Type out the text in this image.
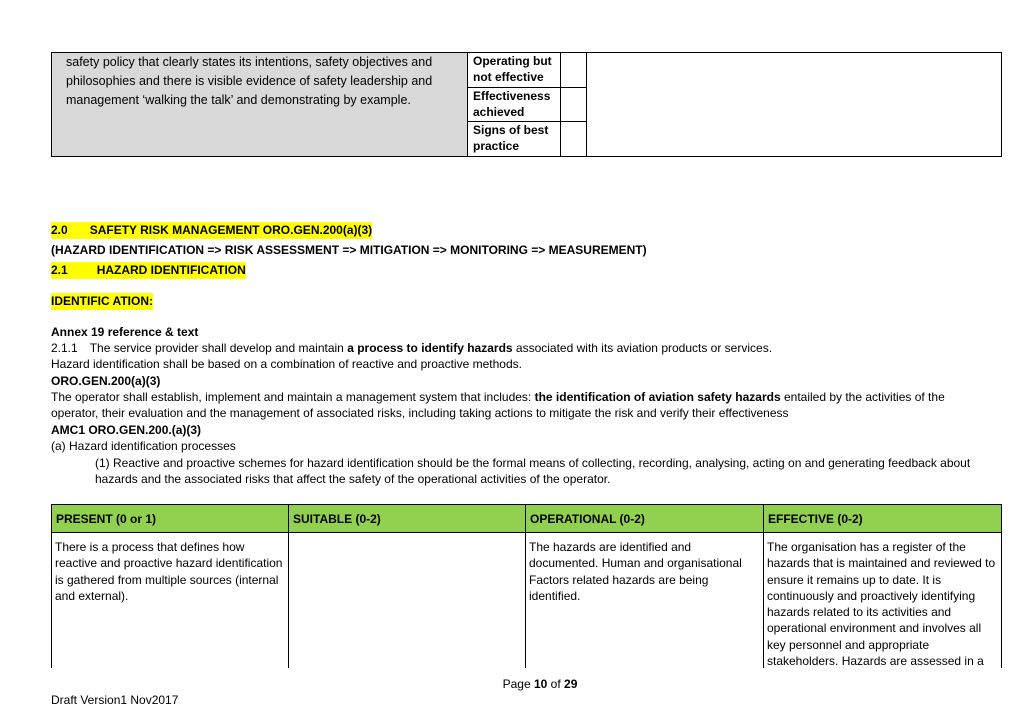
safety policy that clearly states its intentions, safety objectives and philosophies and there is visible evidence of safety leadership and management ‘walking the talk’ and demonstrating by example.	Operating but not effective		
	Effectiveness achieved		
	Signs of best practice		
2.0 SAFETY RISK MANAGEMENT ORO.GEN.200(a)(3)
(HAZARD IDENTIFICATION => RISK ASSESSMENT => MITIGATION => MONITORING => MEASUREMENT)
2.1 HAZARD IDENTIFICATION
IDENTIFIC ATION:
Annex 19 reference & text
2.1.1 The service provider shall develop and maintain a process to identify hazards associated with its aviation products or services.
Hazard identification shall be based on a combination of reactive and proactive methods.
ORO.GEN.200(a)(3)
The operator shall establish, implement and maintain a management system that includes: the identification of aviation safety hazards entailed by the activities of the operator, their evaluation and the management of associated risks, including taking actions to mitigate the risk and verify their effectiveness
AMC1 ORO.GEN.200.(a)(3)
(a) Hazard identification processes
(1) Reactive and proactive schemes for hazard identification should be the formal means of collecting, recording, analysing, acting on and generating feedback about hazards and the associated risks that affect the safety of the operational activities of the operator.
PRESENT (0 or 1)	SUITABLE (0-2)	OPERATIONAL (0-2)	EFFECTIVE (0-2)
There is a process that defines how reactive and proactive hazard identification is gathered from multiple sources (internal and external).		The hazards are identified and documented. Human and organisational Factors related hazards are being identified.	The organisation has a register of the hazards that is maintained and reviewed to ensure it remains up to date. It is continuously and proactively identifying hazards related to its activities and operational environment and involves all key personnel and appropriate stakeholders. Hazards are assessed in a
Page 10 of 29
Draft Version1 Nov2017
